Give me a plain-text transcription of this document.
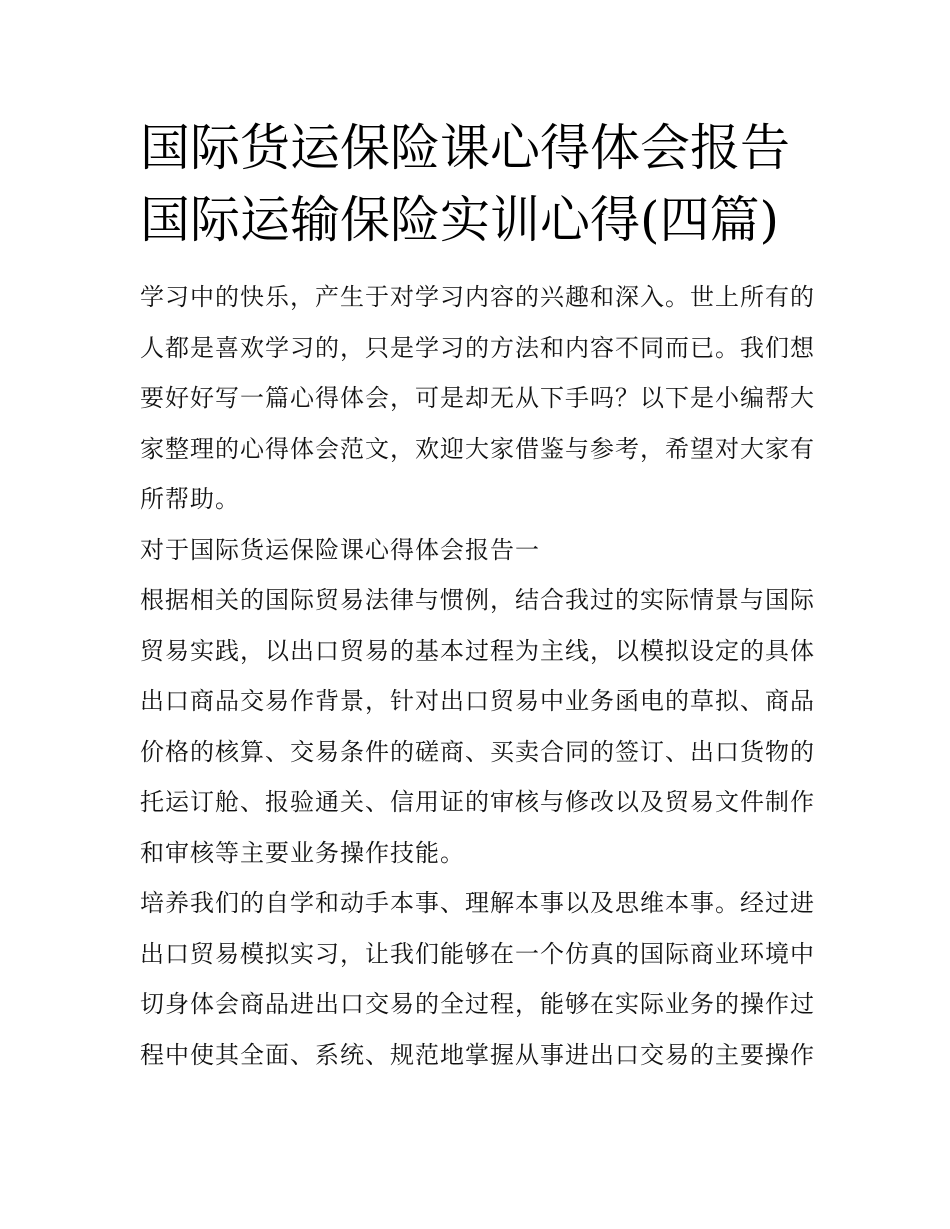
国际货运保险课心得体会报告
国际运输保险实训心得(四篇)

学习中的快乐，产生于对学习内容的兴趣和深入。世上所有的
人都是喜欢学习的，只是学习的方法和内容不同而已。我们想
要好好写一篇心得体会，可是却无从下手吗？以下是小编帮大
家整理的心得体会范文，欢迎大家借鉴与参考，希望对大家有
所帮助。

对于国际货运保险课心得体会报告一

根据相关的国际贸易法律与惯例，结合我过的实际情景与国际
贸易实践，以出口贸易的基本过程为主线，以模拟设定的具体
出口商品交易作背景，针对出口贸易中业务函电的草拟、商品
价格的核算、交易条件的磋商、买卖合同的签订、出口货物的
托运订舱、报验通关、信用证的审核与修改以及贸易文件制作
和审核等主要业务操作技能。

培养我们的自学和动手本事、理解本事以及思维本事。经过进
出口贸易模拟实习，让我们能够在一个仿真的国际商业环境中
切身体会商品进出口交易的全过程，能够在实际业务的操作过
程中使其全面、系统、规范地掌握从事进出口交易的主要操作
